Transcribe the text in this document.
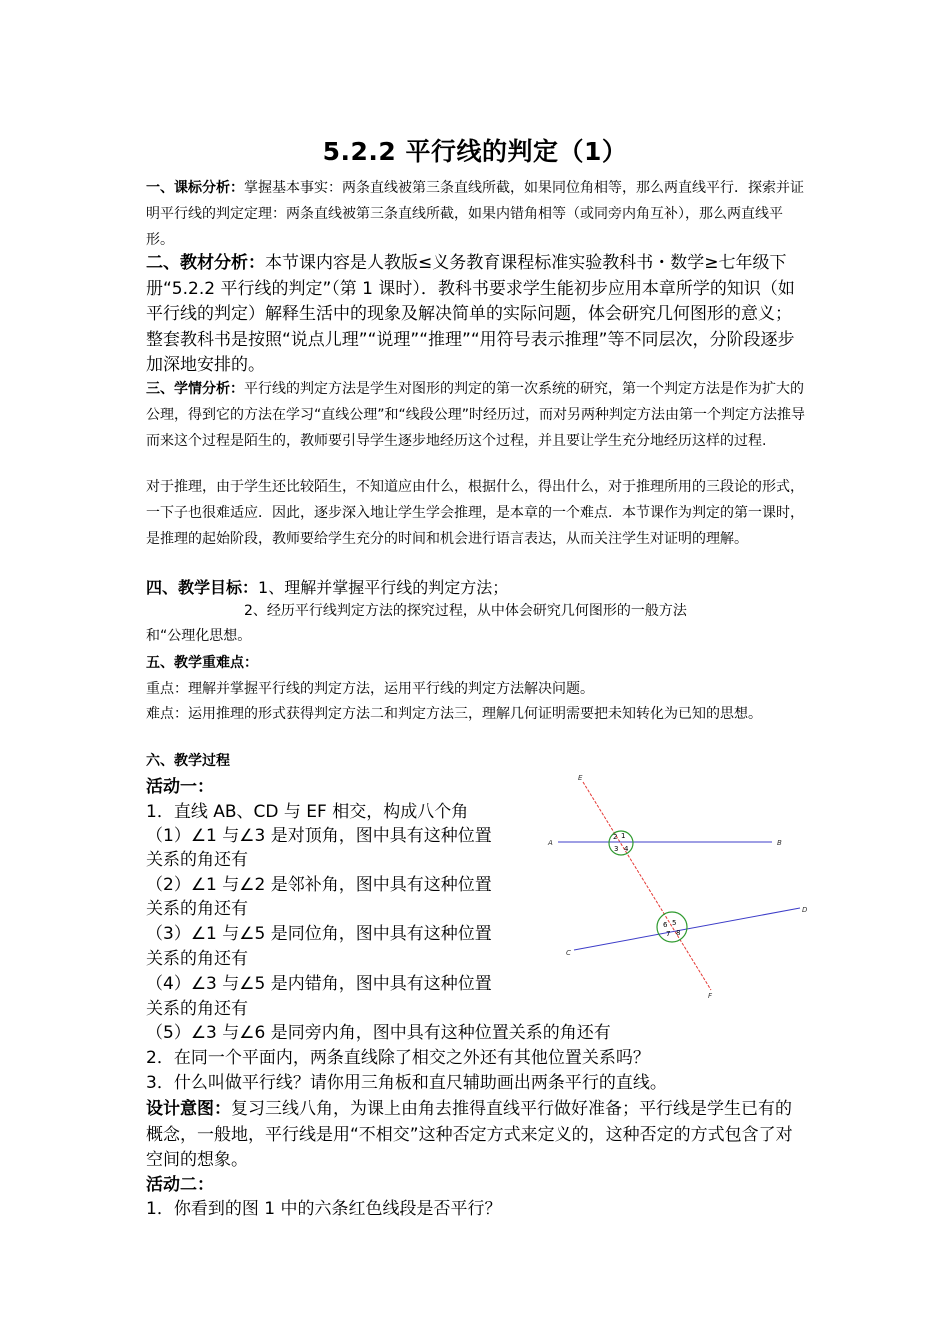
5.2.2 平行线的判定（1）

一、课标分析：掌握基本事实：两条直线被第三条直线所截，如果同位角相等，那么两直线平行．探索并证明平行线的判定定理：两条直线被第三条直线所截，如果内错角相等（或同旁内角互补），那么两直线平形。

二、教材分析：本节课内容是人教版≤义务教育课程标准实验教科书・数学≥七年级下册“5.2.2 平行线的判定”（第 1 课时）．教科书要求学生能初步应用本章所学的知识（如平行线的判定）解释生活中的现象及解决简单的实际问题，体会研究几何图形的意义；整套教科书是按照“说点儿理”“说理”“推理”“用符号表示推理”等不同层次，分阶段逐步加深地安排的。

三、学情分析：平行线的判定方法是学生对图形的判定的第一次系统的研究，第一个判定方法是作为扩大的公理，得到它的方法在学习“直线公理”和“线段公理”时经历过，而对另两种判定方法由第一个判定方法推导而来这个过程是陌生的，教师要引导学生逐步地经历这个过程，并且要让学生充分地经历这样的过程.

对于推理，由于学生还比较陌生，不知道应由什么，根据什么，得出什么，对于推理所用的三段论的形式，一下子也很难适应．因此，逐步深入地让学生学会推理，是本章的一个难点．本节课作为判定的第一课时，是推理的起始阶段，教师要给学生充分的时间和机会进行语言表达，从而关注学生对证明的理解。

四、教学目标：1、理解并掌握平行线的判定方法；

2、经历平行线判定方法的探究过程，从中体会研究几何图形的一般方法

和“公理化思想。

五、教学重难点：

重点：理解并掌握平行线的判定方法，运用平行线的判定方法解决问题。

难点：运用推理的形式获得判定方法二和判定方法三，理解几何证明需要把未知转化为已知的思想。

六、教学过程

活动一：

1．直线 AB、CD 与 EF 相交，构成八个角

（1）∠1 与∠3 是对顶角，图中具有这种位置

关系的角还有

（2）∠1 与∠2 是邻补角，图中具有这种位置

关系的角还有

（3）∠1 与∠5 是同位角，图中具有这种位置

关系的角还有

（4）∠3 与∠5 是内错角，图中具有这种位置

关系的角还有

（5）∠3 与∠6 是同旁内角，图中具有这种位置关系的角还有

2．在同一个平面内，两条直线除了相交之外还有其他位置关系吗？

3．什么叫做平行线？请你用三角板和直尺辅助画出两条平行的直线。

设计意图：复习三线八角，为课上由角去推得直线平行做好准备；平行线是学生已有的概念，一般地，平行线是用“不相交”这种否定方式来定义的，这种否定的方式包含了对空间的想象。

活动二：

1．你看到的图 1 中的六条红色线段是否平行？

E
F
A	B
C
D
2 1
3 4
6 5
7 8
